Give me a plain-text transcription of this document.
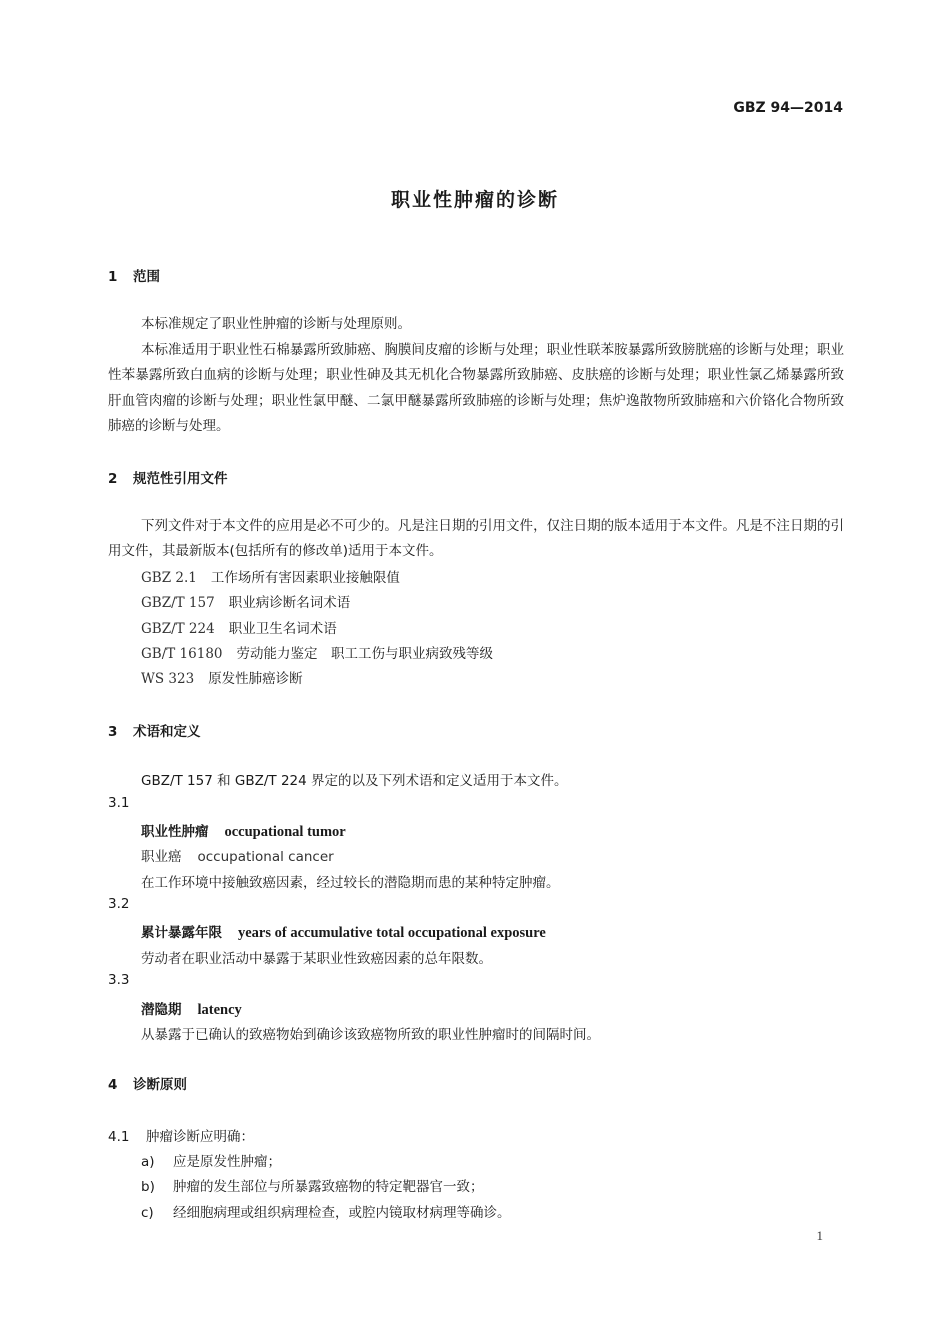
GBZ 94—2014
职业性肿瘤的诊断
1 范围
本标准规定了职业性肿瘤的诊断与处理原则。
本标准适用于职业性石棉暴露所致肺癌、胸膜间皮瘤的诊断与处理；职业性联苯胺暴露所致膀胱癌的诊断与处理；职业性苯暴露所致白血病的诊断与处理；职业性砷及其无机化合物暴露所致肺癌、皮肤癌的诊断与处理；职业性氯乙烯暴露所致肝血管肉瘤的诊断与处理；职业性氯甲醚、二氯甲醚暴露所致肺癌的诊断与处理；焦炉逸散物所致肺癌和六价铬化合物所致肺癌的诊断与处理。
2 规范性引用文件
下列文件对于本文件的应用是必不可少的。凡是注日期的引用文件，仅注日期的版本适用于本文件。凡是不注日期的引用文件，其最新版本(包括所有的修改单)适用于本文件。
GBZ 2.1 工作场所有害因素职业接触限值
GBZ/T 157 职业病诊断名词术语
GBZ/T 224 职业卫生名词术语
GB/T 16180 劳动能力鉴定　职工工伤与职业病致残等级
WS 323 原发性肺癌诊断
3 术语和定义
GBZ/T 157 和 GBZ/T 224 界定的以及下列术语和定义适用于本文件。
3.1
职业性肿瘤 occupational tumor
职业癌 occupational cancer
在工作环境中接触致癌因素，经过较长的潜隐期而患的某种特定肿瘤。
3.2
累计暴露年限 years of accumulative total occupational exposure
劳动者在职业活动中暴露于某职业性致癌因素的总年限数。
3.3
潜隐期 latency
从暴露于已确认的致癌物始到确诊该致癌物所致的职业性肿瘤时的间隔时间。
4 诊断原则
4.1 肿瘤诊断应明确：
a) 应是原发性肿瘤；
b) 肿瘤的发生部位与所暴露致癌物的特定靶器官一致；
c) 经细胞病理或组织病理检查，或腔内镜取材病理等确诊。
1
